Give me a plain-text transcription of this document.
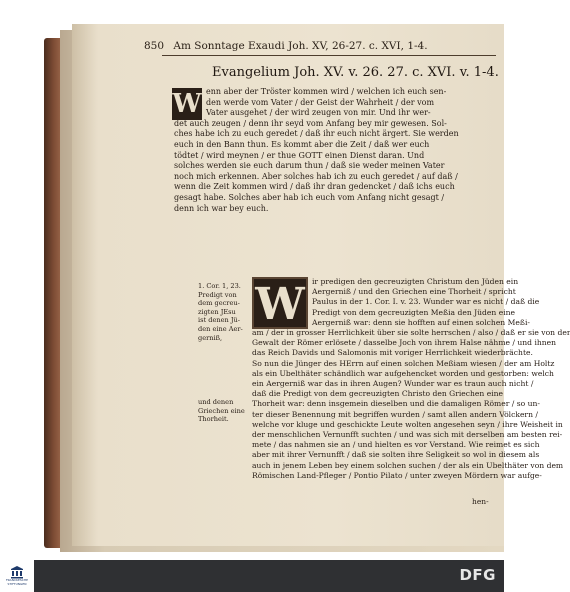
850 Am Sonntage Exaudi Joh. XV, 26-27. c. XVI, 1-4.
Evangelium Joh. XV. v. 26. 27. c. XVI. v. 1-4.
W enn aber der Tröster kommen wird / welchen ich euch sen-
den werde vom Vater / der Geist der Wahrheit / der vom
Vater ausgehet / der wird zeugen von mir. Und ihr wer-
det auch zeugen / denn ihr seyd vom Anfang bey mir gewesen. Sol-
ches habe ich zu euch geredet / daß ihr euch nicht ärgert. Sie werden
euch in den Bann thun. Es kommt aber die Zeit / daß wer euch
tödtet / wird meynen / er thue GOTT einen Dienst daran. Und
solches werden sie euch darum thun / daß sie weder meinen Vater
noch mich erkennen. Aber solches hab ich zu euch geredet / auf daß /
wenn die Zeit kommen wird / daß ihr dran gedencket / daß ichs euch
gesagt habe. Solches aber hab ich euch vom Anfang nicht gesagt /
denn ich war bey euch.
1. Cor. 1, 23.
Predigt von
dem gecreu-
zigten JEsu
ist denen Jü-
den eine Aer-
gerniß,
und denen
Griechen eine
Thorheit.
W ir predigen den gecreuzigten Christum den Jüden ein
Aergerniß / und den Griechen eine Thorheit / spricht
Paulus in der 1. Cor. I. v. 23. Wunder war es nicht / daß die
Predigt von dem gecreuzigten Meßia den Jüden eine
Aergerniß war: denn sie hofften auf einen solchen Meßi-
am / der in grosser Herrlichkeit über sie solte herrschen / also / daß er sie von der
Gewalt der Römer erlösete / dasselbe Joch von ihrem Halse nähme / und ihnen
das Reich Davids und Salomonis mit voriger Herrlichkeit wiederbrächte.
So nun die Jünger des HErrn auf einen solchen Meßiam wiesen / der am Holtz
als ein Ubelthäter schändlich war aufgehencket worden und gestorben: welch
ein Aergerniß war das in ihren Augen? Wunder war es traun auch nicht /
daß die Predigt von dem gecreuzigten Christo den Griechen eine
Thorheit war: denn insgemein dieselben und die damaligen Römer / so un-
ter dieser Benennung mit begriffen wurden / samt allen andern Völckern /
welche vor kluge und geschickte Leute wolten angesehen seyn / ihre Weisheit in
der menschlichen Vernunfft suchten / und was sich mit derselben am besten rei-
mete / das nahmen sie an / und hielten es vor Verstand. Wie reimet es sich
aber mit ihrer Vernunfft / daß sie solten ihre Seligkeit so wol in diesem als
auch in jenem Leben bey einem solchen suchen / der als ein Ubelthäter von dem
Römischen Land-Pfleger / Pontio Pilato / unter zweyen Mördern war aufge-
hen-
FRANCKESCHE
STIFTUNGEN	DFG
